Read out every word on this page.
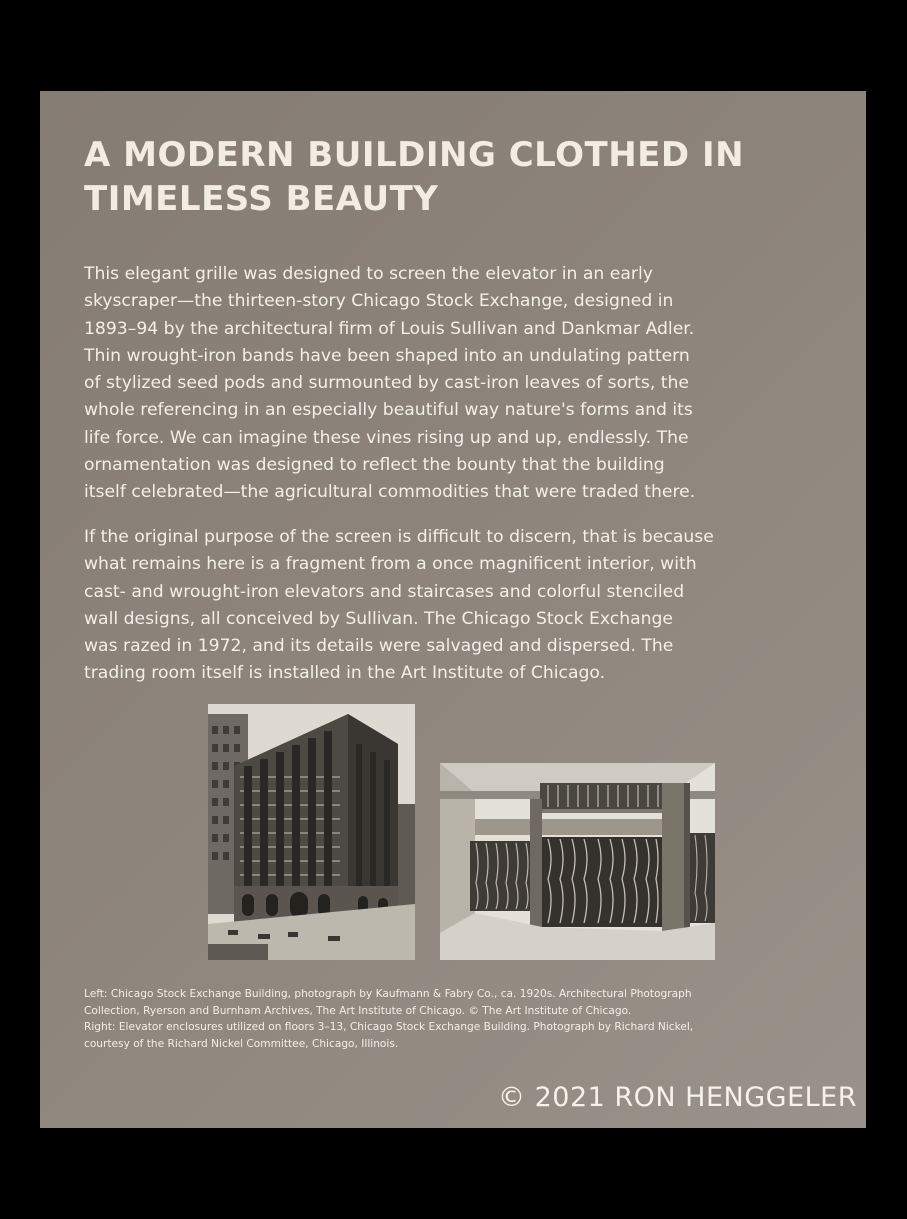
A MODERN BUILDING CLOTHED IN
TIMELESS BEAUTY
This elegant grille was designed to screen the elevator in an early
skyscraper—the thirteen-story Chicago Stock Exchange, designed in
1893–94 by the architectural firm of Louis Sullivan and Dankmar Adler.
Thin wrought-iron bands have been shaped into an undulating pattern
of stylized seed pods and surmounted by cast-iron leaves of sorts, the
whole referencing in an especially beautiful way nature's forms and its
life force. We can imagine these vines rising up and up, endlessly. The
ornamentation was designed to reflect the bounty that the building
itself celebrated—the agricultural commodities that were traded there.
If the original purpose of the screen is difficult to discern, that is because
what remains here is a fragment from a once magnificent interior, with
cast- and wrought-iron elevators and staircases and colorful stenciled
wall designs, all conceived by Sullivan. The Chicago Stock Exchange
was razed in 1972, and its details were salvaged and dispersed. The
trading room itself is installed in the Art Institute of Chicago.
Left: Chicago Stock Exchange Building, photograph by Kaufmann & Fabry Co., ca. 1920s. Architectural Photograph
Collection, Ryerson and Burnham Archives, The Art Institute of Chicago. © The Art Institute of Chicago.
Right: Elevator enclosures utilized on floors 3–13, Chicago Stock Exchange Building. Photograph by Richard Nickel,
courtesy of the Richard Nickel Committee, Chicago, Illinois.
© 2021 RON HENGGELER
